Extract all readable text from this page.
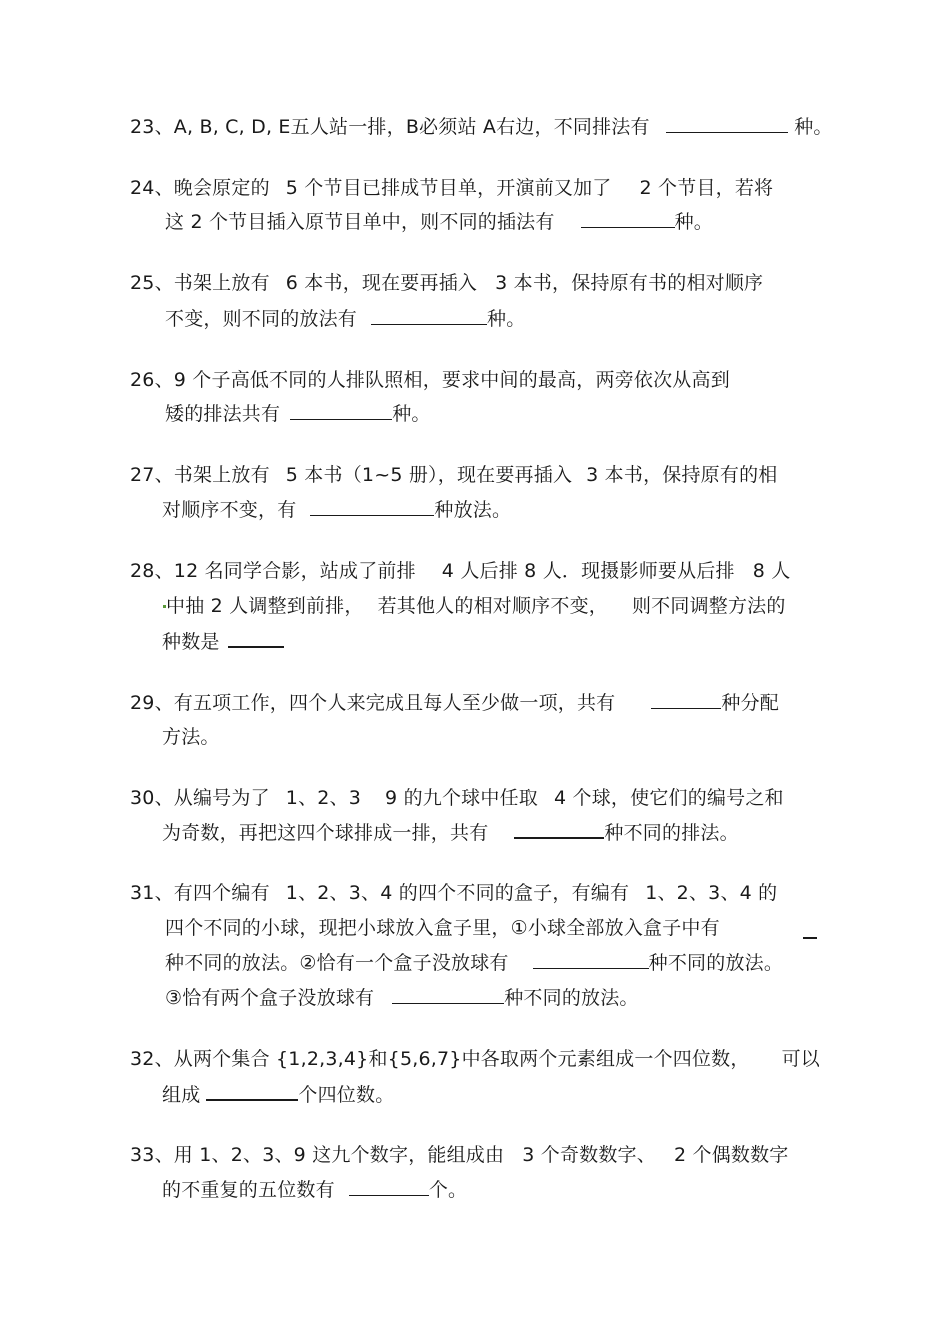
23、A, B, C, D, E五人站一排，B必须站 A右边，不同排法有	种。
24、晚会原定的 5 个节目已排成节目单，开演前又加了 2 个节目，若将
这 2 个节目插入原节目单中，则不同的插法有	种。
25、书架上放有 6 本书，现在要再插入 3 本书，保持原有书的相对顺序
不变，则不同的放法有	种。
26、9 个子高低不同的人排队照相，要求中间的最高，两旁依次从高到
矮的排法共有	种。
27、书架上放有 5 本书（1~5 册），现在要再插入 3 本书，保持原有的相
对顺序不变，有	种放法。
28、12 名同学合影，站成了前排 4 人后排 8 人．现摄影师要从后排 8 人
中抽 2 人调整到前排， 若其他人的相对顺序不变， 则不同调整方法的
种数是
29、有五项工作，四个人来完成且每人至少做一项，共有	种分配
方法。
30、从编号为了 1、2、3 9 的九个球中任取 4 个球，使它们的编号之和
为奇数，再把这四个球排成一排，共有	种不同的排法。
31、有四个编有 1、2、3、4 的四个不同的盒子，有编有 1、2、3、4 的
四个不同的小球，现把小球放入盒子里，①小球全部放入盒子中有
种不同的放法。②恰有一个盒子没放球有	种不同的放法。
③恰有两个盒子没放球有	种不同的放法。
32、从两个集合 {1,2,3,4}和{5,6,7}中各取两个元素组成一个四位数， 可以
组成	个四位数。
33、用 1、2、3、9 这九个数字，能组成由 3 个奇数数字、 2 个偶数数字
的不重复的五位数有	个。
